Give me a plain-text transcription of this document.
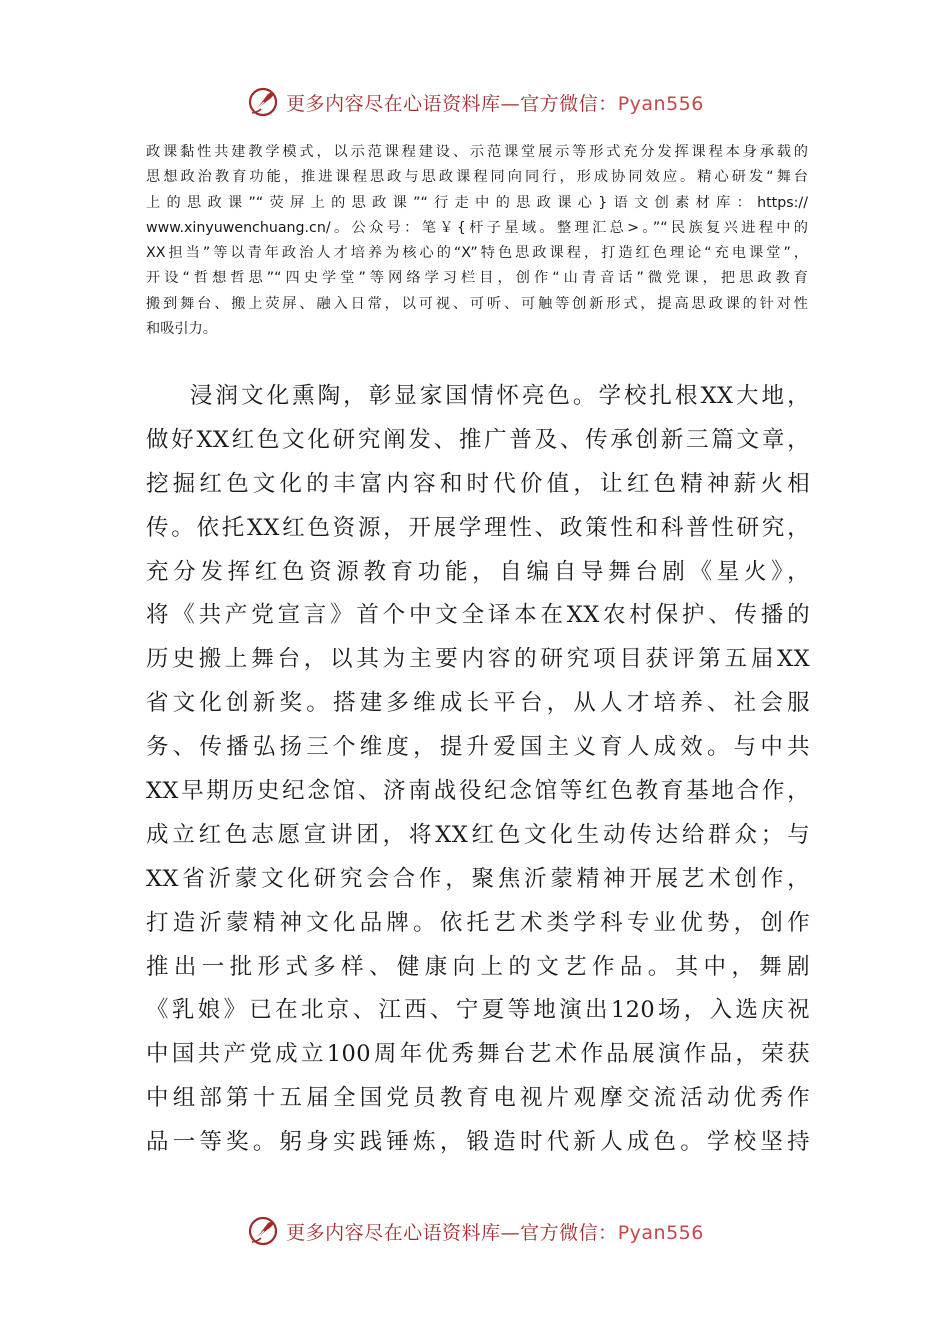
更多内容尽在心语资料库—官方微信：Pyan556
政课黏性共建教学模式，以示范课程建设、示范课堂展示等形式充分发挥课程本身承载的
思想政治教育功能，推进课程思政与思政课程同向同行，形成协同效应。精心研发“舞台
上的思政课”“荧屏上的思政课”“行走中的思政课心}语文创素材库：https://
www.xinyuwenchuang.cn/。公众号：笔￥{杆子星域。整理汇总>。”“民族复兴进程中的
XX担当”等以青年政治人才培养为核心的“X”特色思政课程，打造红色理论“充电课堂”，
开设“哲想哲思”“四史学堂”等网络学习栏目，创作“山青音话”微党课，把思政教育
搬到舞台、搬上荧屏、融入日常，以可视、可听、可触等创新形式，提高思政课的针对性
和吸引力。
浸润文化熏陶，彰显家国情怀亮色。学校扎根XX大地，
做好XX红色文化研究阐发、推广普及、传承创新三篇文章，
挖掘红色文化的丰富内容和时代价值，让红色精神薪火相
传。依托XX红色资源，开展学理性、政策性和科普性研究，
充分发挥红色资源教育功能，自编自导舞台剧《星火》，
将《共产党宣言》首个中文全译本在XX农村保护、传播的
历史搬上舞台，以其为主要内容的研究项目获评第五届XX
省文化创新奖。搭建多维成长平台，从人才培养、社会服
务、传播弘扬三个维度，提升爱国主义育人成效。与中共
XX早期历史纪念馆、济南战役纪念馆等红色教育基地合作，
成立红色志愿宣讲团，将XX红色文化生动传达给群众；与
XX省沂蒙文化研究会合作，聚焦沂蒙精神开展艺术创作，
打造沂蒙精神文化品牌。依托艺术类学科专业优势，创作
推出一批形式多样、健康向上的文艺作品。其中，舞剧
《乳娘》已在北京、江西、宁夏等地演出120场，入选庆祝
中国共产党成立100周年优秀舞台艺术作品展演作品，荣获
中组部第十五届全国党员教育电视片观摩交流活动优秀作
品一等奖。躬身实践锤炼，锻造时代新人成色。学校坚持
更多内容尽在心语资料库—官方微信：Pyan556
